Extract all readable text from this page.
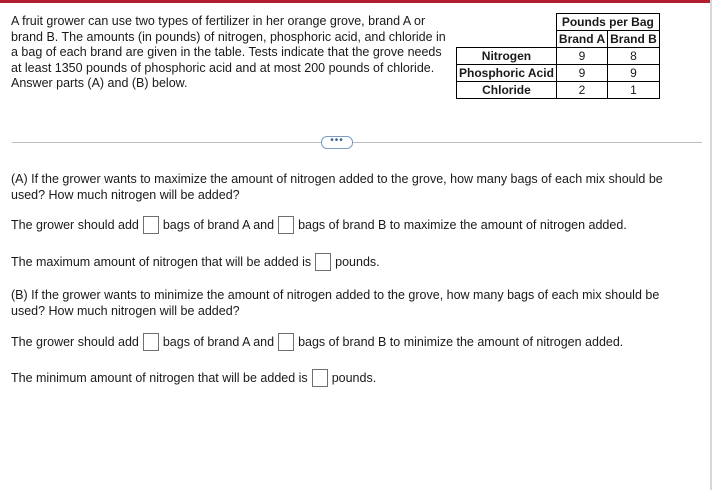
A fruit grower can use two types of fertilizer in her orange grove, brand A or brand B. The amounts (in pounds) of nitrogen, phosphoric acid, and chloride in a bag of each brand are given in the table. Tests indicate that the grove needs at least 1350 pounds of phosphoric acid and at most 200 pounds of chloride. Answer parts (A) and (B) below.

	Pounds per Bag	
	Brand A	Brand B
Nitrogen	9	8
Phosphoric Acid	9	9
Chloride	2	1
•••

(A) If the grower wants to maximize the amount of nitrogen added to the grove, how many bags of each mix should be used? How much nitrogen will be added?

The grower should add bags of brand A and bags of brand B to maximize the amount of nitrogen added.
The maximum amount of nitrogen that will be added is pounds.

(B) If the grower wants to minimize the amount of nitrogen added to the grove, how many bags of each mix should be used? How much nitrogen will be added?

The grower should add bags of brand A and bags of brand B to minimize the amount of nitrogen added.
The minimum amount of nitrogen that will be added is pounds.
